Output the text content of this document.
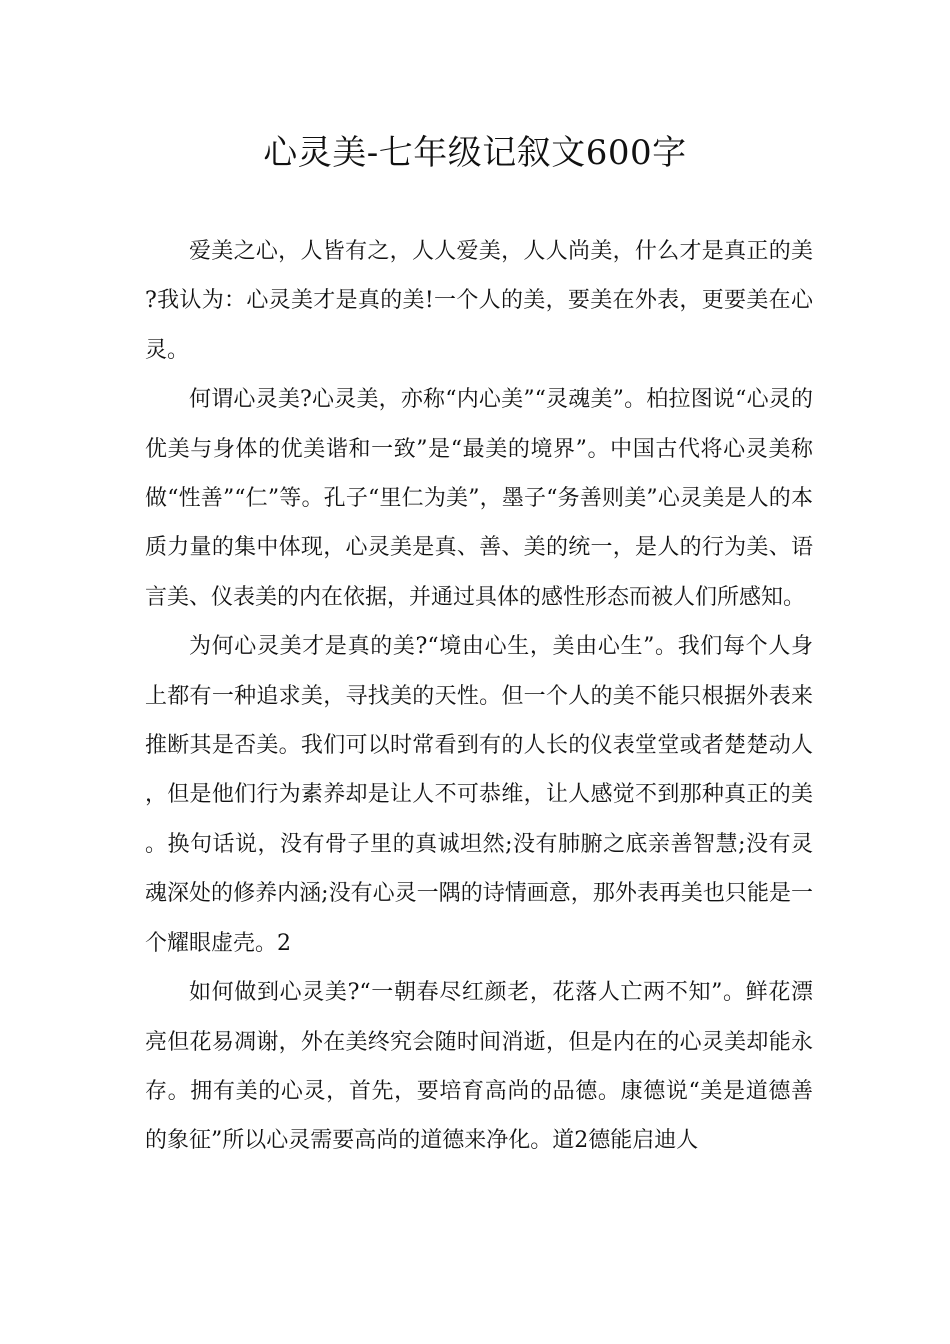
心灵美-七年级记叙文600字

爱美之心，人皆有之，人人爱美，人人尚美，什么才是真正的美?我认为：心灵美才是真的美!一个人的美，要美在外表，更要美在心灵。

何谓心灵美?心灵美，亦称“内心美”“灵魂美”。柏拉图说“心灵的优美与身体的优美谐和一致”是“最美的境界”。中国古代将心灵美称做“性善”“仁”等。孔子“里仁为美”，墨子“务善则美”心灵美是人的本质力量的集中体现，心灵美是真、善、美的统一，是人的行为美、语言美、仪表美的内在依据，并通过具体的感性形态而被人们所感知。

为何心灵美才是真的美?“境由心生，美由心生”。我们每个人身上都有一种追求美，寻找美的天性。但一个人的美不能只根据外表来推断其是否美。我们可以时常看到有的人长的仪表堂堂或者楚楚动人，但是他们行为素养却是让人不可恭维，让人感觉不到那种真正的美。换句话说，没有骨子里的真诚坦然;没有肺腑之底亲善智慧;没有灵魂深处的修养内涵;没有心灵一隅的诗情画意，那外表再美也只能是一个耀眼虚壳。2

如何做到心灵美?“一朝春尽红颜老，花落人亡两不知”。鲜花漂亮但花易凋谢，外在美终究会随时间消逝，但是内在的心灵美却能永存。拥有美的心灵，首先，要培育高尚的品德。康德说“美是道德善的象征”所以心灵需要高尚的道德来净化。道2德能启迪人
